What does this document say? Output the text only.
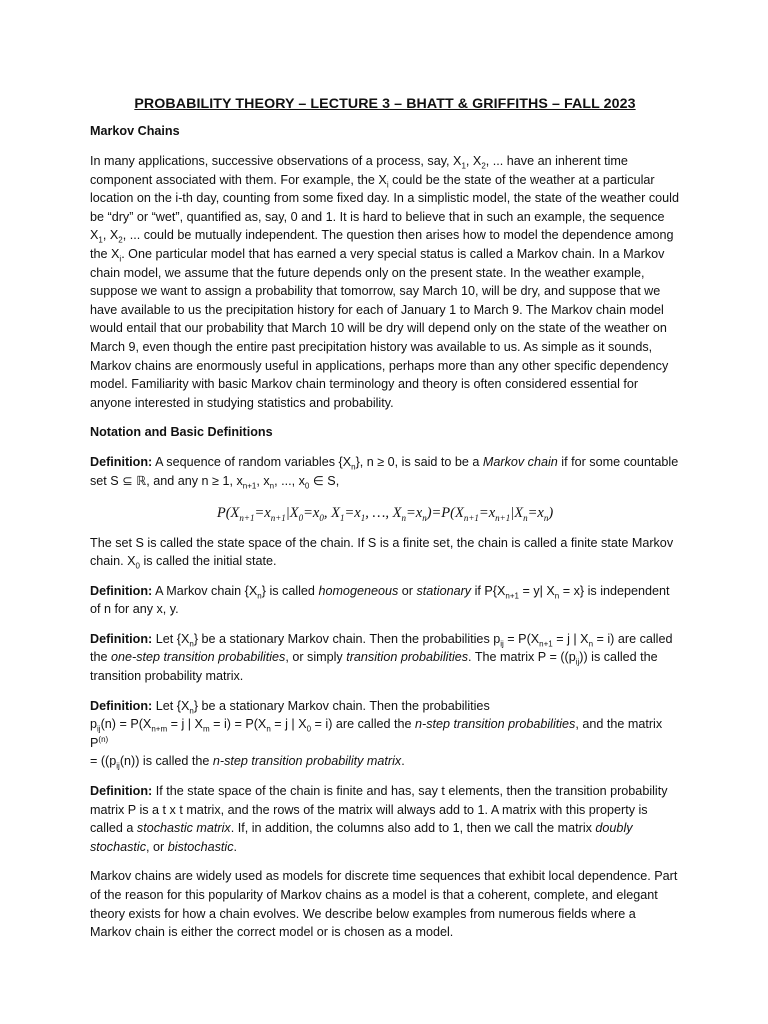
PROBABILITY THEORY – LECTURE 3 – BHATT & GRIFFITHS – FALL 2023
Markov Chains

In many applications, successive observations of a process, say, $X_1$, $X_2$, ... have an inherent time component associated with them. For example, the $X_i$ could be the state of the weather at a particular location on the i-th day, counting from some fixed day. In a simplistic model, the state of the weather could be “dry” or “wet”, quantified as, say, 0 and 1. It is hard to believe that in such an example, the sequence $X_1$, $X_2$, ... could be mutually independent. The question then arises how to model the dependence among the $X_i$. One particular model that has earned a very special status is called a Markov chain. In a Markov chain model, we assume that the future depends only on the present state. In the weather example, suppose we want to assign a probability that tomorrow, say March 10, will be dry, and suppose that we have available to us the precipitation history for each of January 1 to March 9. The Markov chain model would entail that our probability that March 10 will be dry will depend only on the state of the weather on March 9, even though the entire past precipitation history was available to us. As simple as it sounds, Markov chains are enormously useful in applications, perhaps more than any other specific dependency model. Familiarity with basic Markov chain terminology and theory is often considered essential for anyone interested in studying statistics and probability.

Notation and Basic Definitions

Definition: A sequence of random variables $\{X_n\}$, n ≥ 0, is said to be a Markov chain if for some countable set S ⊆ ℝ, and any n ≥ 1, $x_{n+1}$, $x_n$, ..., $x_0$ ∈ S,

$P(X_{n+1}=x_{n+1}|X_0=x_0$, $X_1=x_1$, …, $X_n=x_n)=P(X_{n+1}=x_{n+1}|X_n=x_n)$

The set S is called the state space of the chain. If S is a finite set, the chain is called a finite state Markov chain. $X_0$ is called the initial state.

Definition: A Markov chain $\{X_n\}$ is called homogeneous or stationary if $P\{X_{n+1} = y|$ $X_n = x$} is independent of n for any x, y.

Definition: Let $\{X_n\}$ be a stationary Markov chain. Then the probabilities $p_{ij} = P(X_{n+1} = j$ | $X_n = i$) are called the one-step transition probabilities, or simply transition probabilities. The matrix $P = ((p_{ij}))$ is called the transition probability matrix.

Definition: Let $\{X_n\}$ be a stationary Markov chain. Then the probabilities
$p_{ij}(n) = P(X_{n+m} = j$ | $X_m = i) = P(X_n = j$ | $X_0 = i$) are called the n-step transition probabilities, and the matrix $P^{(n)}$
= ($(p_{ij}(n))$ is called the n-step transition probability matrix.

Definition: If the state space of the chain is finite and has, say t elements, then the transition probability matrix P is a t x t matrix, and the rows of the matrix will always add to 1. A matrix with this property is called a stochastic matrix. If, in addition, the columns also add to 1, then we call the matrix doubly stochastic, or bistochastic.

Markov chains are widely used as models for discrete time sequences that exhibit local dependence. Part of the reason for this popularity of Markov chains as a model is that a coherent, complete, and elegant theory exists for how a chain evolves. We describe below examples from numerous fields where a Markov chain is either the correct model or is chosen as a model.
